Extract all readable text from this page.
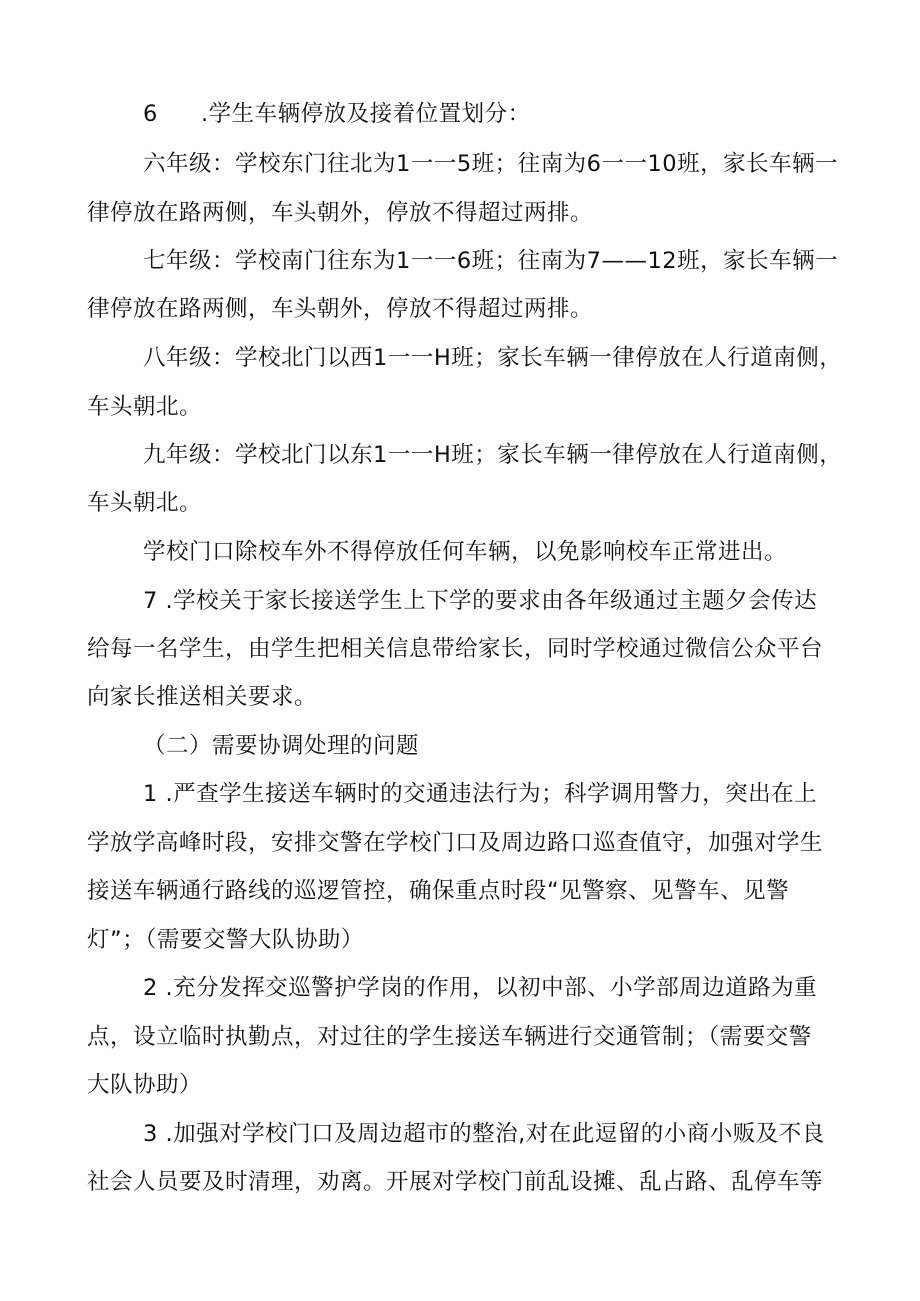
6 .学生车辆停放及接着位置划分：
六年级：学校东门往北为1一一5班；往南为6一一10班，家长车辆一
律停放在路两侧，车头朝外，停放不得超过两排。
七年级：学校南门往东为1一一6班；往南为7——12班，家长车辆一
律停放在路两侧，车头朝外，停放不得超过两排。
八年级：学校北门以西1一一H班；家长车辆一律停放在人行道南侧，
车头朝北。
九年级：学校北门以东1一一H班；家长车辆一律停放在人行道南侧，
车头朝北。
学校门口除校车外不得停放任何车辆，以免影响校车正常进出。
7 .学校关于家长接送学生上下学的要求由各年级通过主题夕会传达
给每一名学生，由学生把相关信息带给家长，同时学校通过微信公众平台
向家长推送相关要求。
（二）需要协调处理的问题
1 .严查学生接送车辆时的交通违法行为；科学调用警力，突出在上
学放学高峰时段，安排交警在学校门口及周边路口巡查值守，加强对学生
接送车辆通行路线的巡逻管控，确保重点时段“见警察、见警车、见警
灯”；（需要交警大队协助）
2 .充分发挥交巡警护学岗的作用，以初中部、小学部周边道路为重
点，设立临时执勤点，对过往的学生接送车辆进行交通管制；（需要交警
大队协助）
3 .加强对学校门口及周边超市的整治,对在此逗留的小商小贩及不良
社会人员要及时清理，劝离。开展对学校门前乱设摊、乱占路、乱停车等
